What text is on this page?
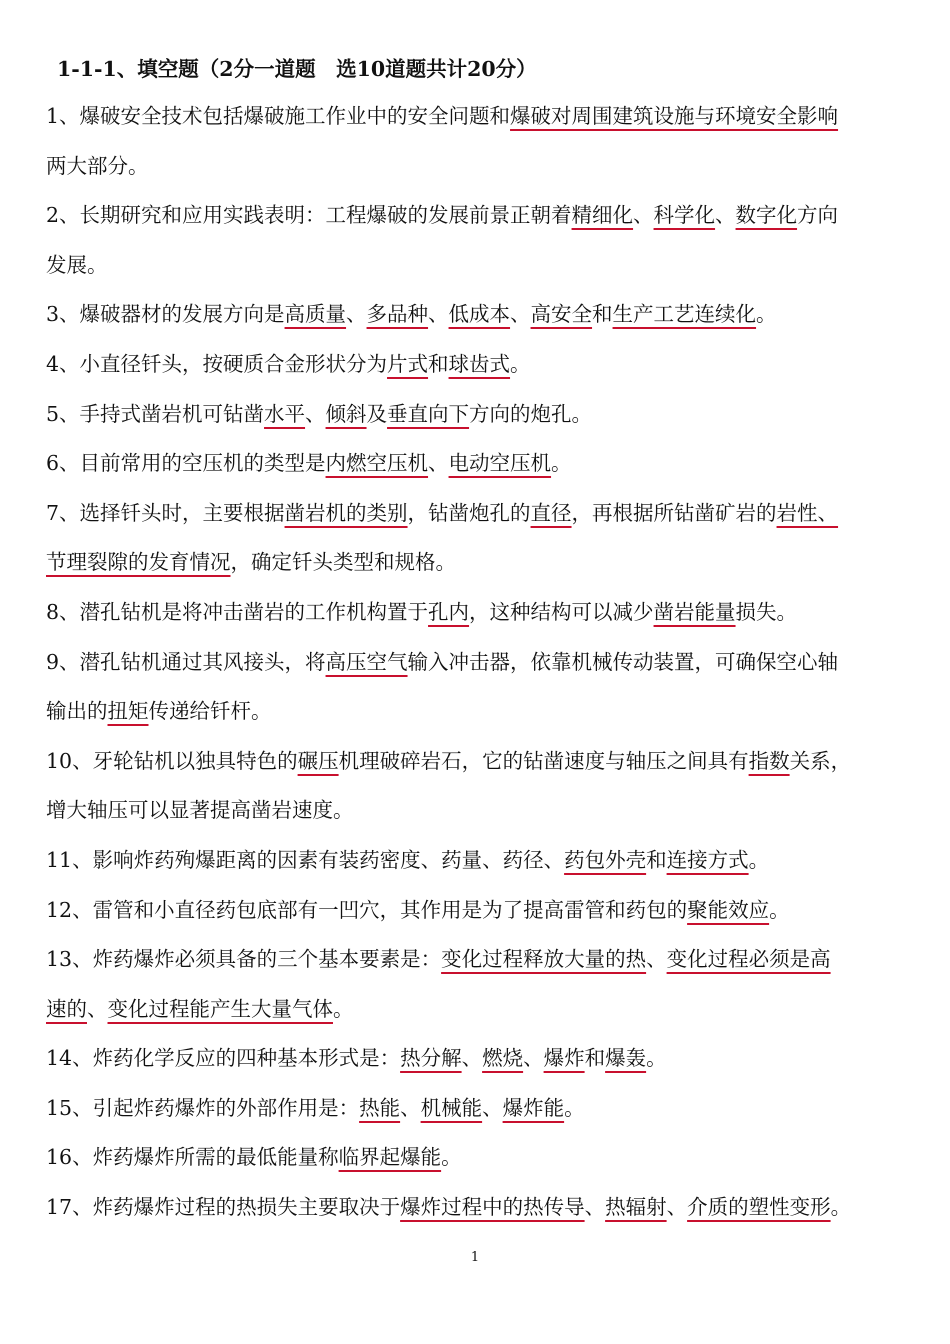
1-1-1、填空题（2分一道题　选10道题共计20分）
1、爆破安全技术包括爆破施工作业中的安全问题和爆破对周围建筑设施与环境安全影响
两大部分。
2、长期研究和应用实践表明：工程爆破的发展前景正朝着精细化、科学化、数字化方向
发展。
3、爆破器材的发展方向是高质量、多品种、低成本、高安全和生产工艺连续化。
4、小直径钎头，按硬质合金形状分为片式和球齿式。
5、手持式凿岩机可钻凿水平、倾斜及垂直向下方向的炮孔。
6、目前常用的空压机的类型是内燃空压机、电动空压机。
7、选择钎头时，主要根据凿岩机的类别，钻凿炮孔的直径，再根据所钻凿矿岩的岩性、
节理裂隙的发育情况，确定钎头类型和规格。
8、潜孔钻机是将冲击凿岩的工作机构置于孔内，这种结构可以减少凿岩能量损失。
9、潜孔钻机通过其风接头，将高压空气输入冲击器，依靠机械传动装置，可确保空心轴
输出的扭矩传递给钎杆。
10、牙轮钻机以独具特色的碾压机理破碎岩石，它的钻凿速度与轴压之间具有指数关系，
增大轴压可以显著提高凿岩速度。
11、影响炸药殉爆距离的因素有装药密度、药量、药径、药包外壳和连接方式。
12、雷管和小直径药包底部有一凹穴，其作用是为了提高雷管和药包的聚能效应。
13、炸药爆炸必须具备的三个基本要素是：变化过程释放大量的热、变化过程必须是高
速的、变化过程能产生大量气体。
14、炸药化学反应的四种基本形式是：热分解、燃烧、爆炸和爆轰。
15、引起炸药爆炸的外部作用是：热能、机械能、爆炸能。
16、炸药爆炸所需的最低能量称临界起爆能。
17、炸药爆炸过程的热损失主要取决于爆炸过程中的热传导、热辐射、介质的塑性变形。
1
